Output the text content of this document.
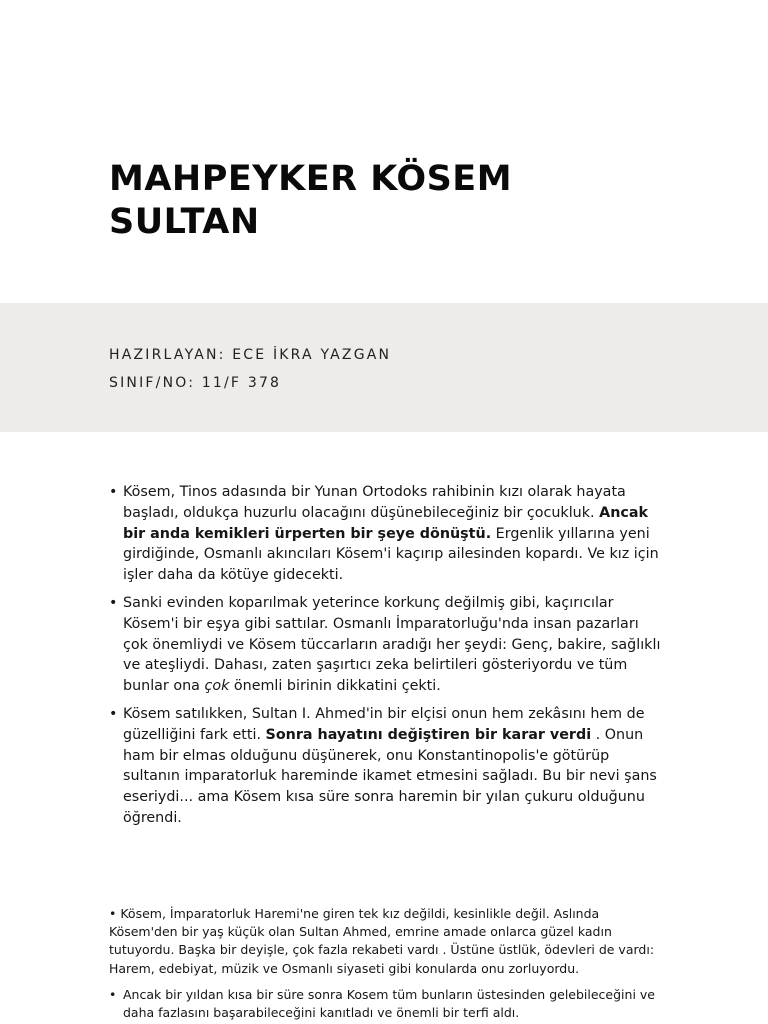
MAHPEYKER KÖSEM
SULTAN
HAZIRLAYAN: ECE İKRA YAZGAN
SINIF/NO: 11/F 378
• Kösem, Tinos adasında bir Yunan Ortodoks rahibinin kızı olarak hayata başladı, oldukça huzurlu olacağını düşünebileceğiniz bir çocukluk. Ancak bir anda kemikleri ürperten bir şeye dönüştü. Ergenlik yıllarına yeni girdiğinde, Osmanlı akıncıları Kösem'i kaçırıp ailesinden kopardı. Ve kız için işler daha da kötüye gidecekti.
• Sanki evinden koparılmak yeterince korkunç değilmiş gibi, kaçırıcılar Kösem'i bir eşya gibi sattılar. Osmanlı İmparatorluğu'nda insan pazarları çok önemliydi ve Kösem tüccarların aradığı her şeydi: Genç, bakire, sağlıklı ve ateşliydi. Dahası, zaten şaşırtıcı zeka belirtileri gösteriyordu ve tüm bunlar ona çok önemli birinin dikkatini çekti.
• Kösem satılıkken, Sultan I. Ahmed'in bir elçisi onun hem zekâsını hem de güzelliğini fark etti. Sonra hayatını değiştiren bir karar verdi . Onun ham bir elmas olduğunu düşünerek, onu Konstantinopolis'e götürüp sultanın imparatorluk hareminde ikamet etmesini sağladı. Bu bir nevi şans eseriydi... ama Kösem kısa süre sonra haremin bir yılan çukuru olduğunu öğrendi.

• Kösem, İmparatorluk Haremi'ne giren tek kız değildi, kesinlikle değil. Aslında Kösem'den bir yaş küçük olan Sultan Ahmed, emrine amade onlarca güzel kadın tutuyordu. Başka bir deyişle, çok fazla rekabeti vardı . Üstüne üstlük, ödevleri de vardı: Harem, edebiyat, müzik ve Osmanlı siyaseti gibi konularda onu zorluyordu.

• Ancak bir yıldan kısa bir süre sonra Kosem tüm bunların üstesinden gelebileceğini ve daha fazlasını başarabileceğini kanıtladı ve önemli bir terfi aldı.
